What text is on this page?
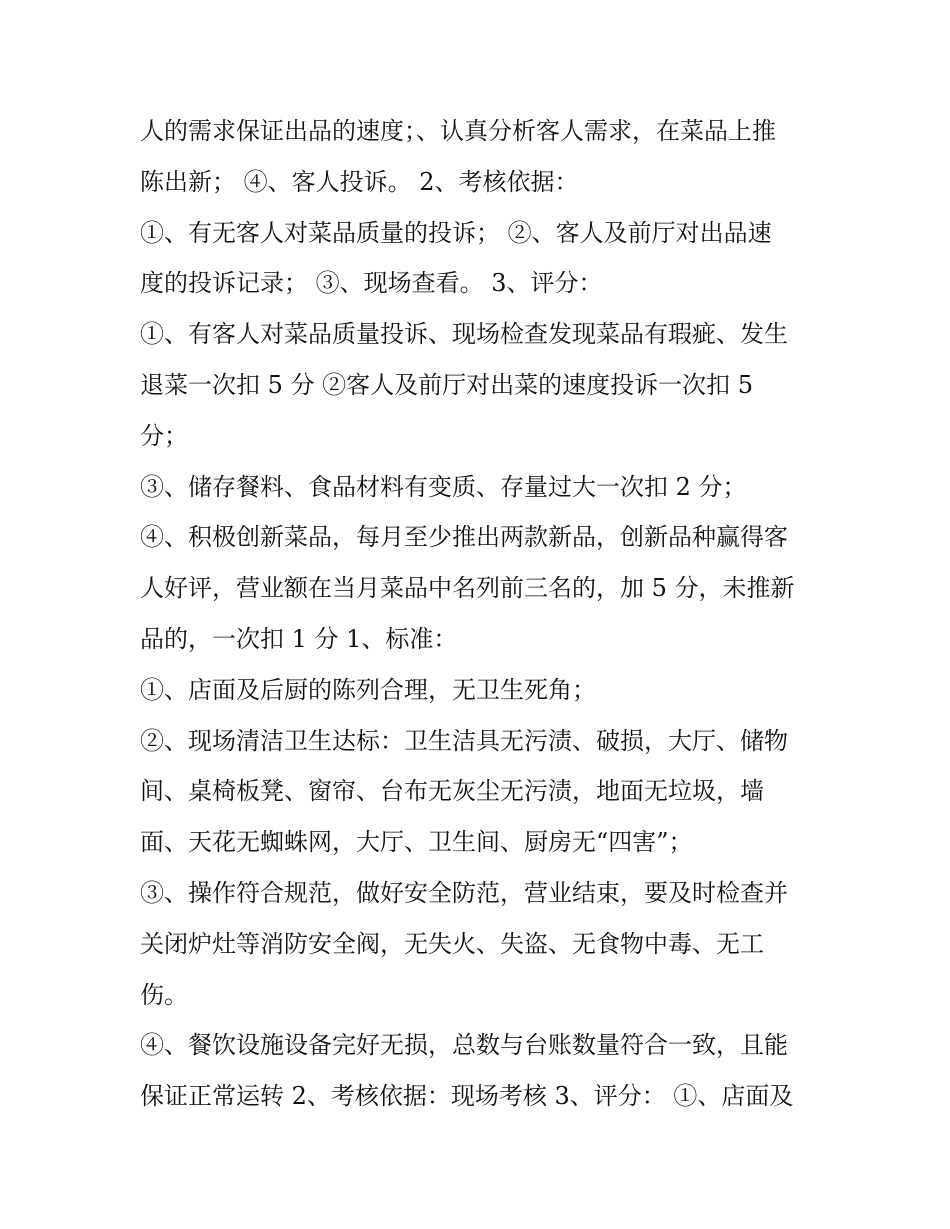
人的需求保证出品的速度；、认真分析客人需求，在菜品上推
陈出新； ④、客人投诉。 2、考核依据：
①、有无客人对菜品质量的投诉； ②、客人及前厅对出品速
度的投诉记录； ③、现场查看。 3、评分：
①、有客人对菜品质量投诉、现场检查发现菜品有瑕疵、发生
退菜一次扣 5 分 ②客人及前厅对出菜的速度投诉一次扣 5
分；
③、储存餐料、食品材料有变质、存量过大一次扣 2 分；
④、积极创新菜品，每月至少推出两款新品，创新品种赢得客
人好评，营业额在当月菜品中名列前三名的，加 5 分，未推新
品的，一次扣 1 分 1、标准：
①、店面及后厨的陈列合理，无卫生死角；
②、现场清洁卫生达标：卫生洁具无污渍、破损，大厅、储物
间、桌椅板凳、窗帘、台布无灰尘无污渍，地面无垃圾，墙
面、天花无蜘蛛网，大厅、卫生间、厨房无“四害”；
③、操作符合规范，做好安全防范，营业结束，要及时检查并
关闭炉灶等消防安全阀，无失火、失盗、无食物中毒、无工
伤。
④、餐饮设施设备完好无损，总数与台账数量符合一致，且能
保证正常运转 2、考核依据：现场考核 3、评分： ①、店面及
